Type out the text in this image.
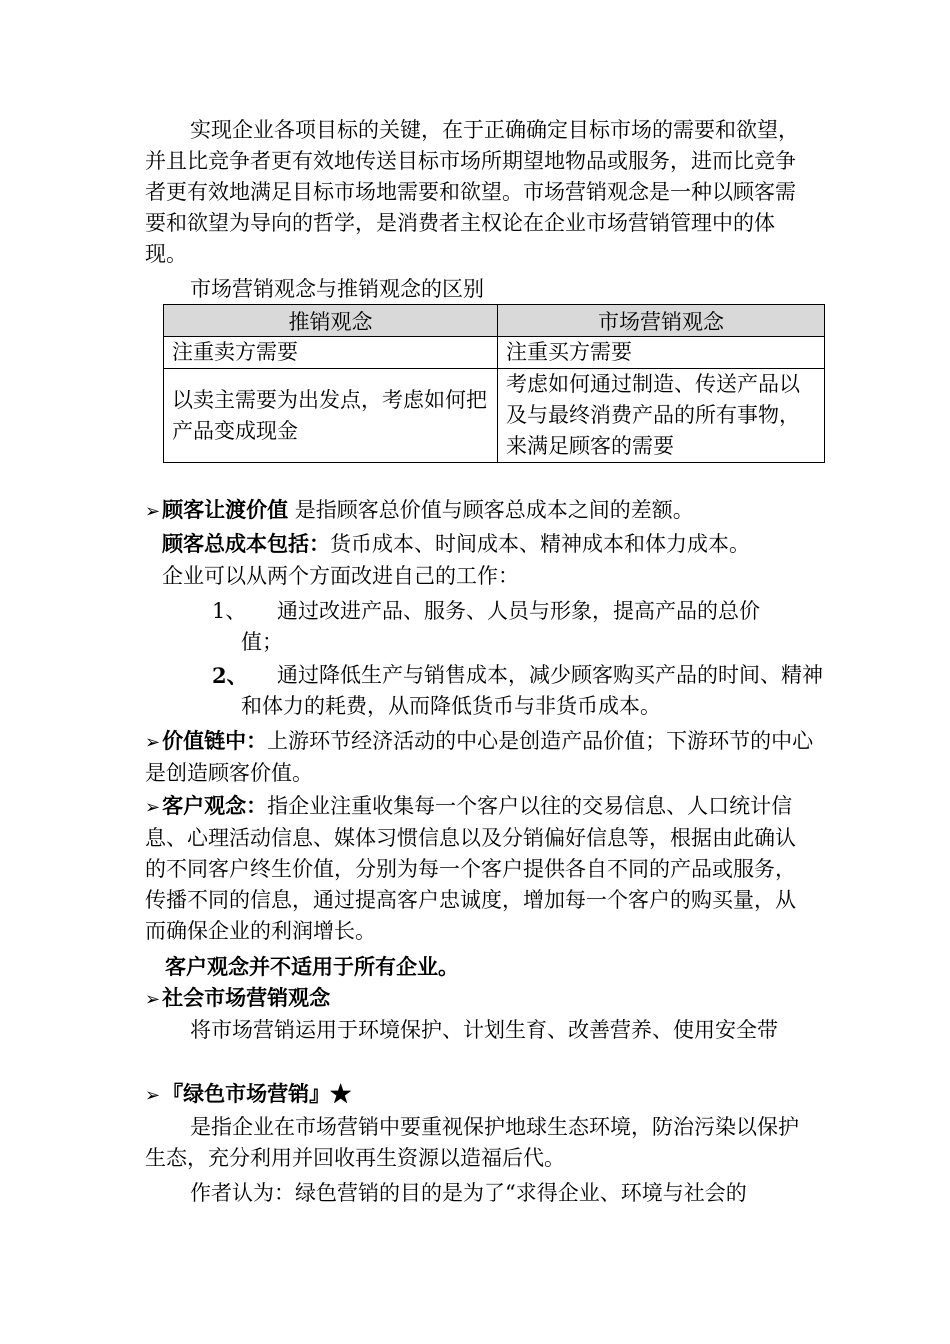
实现企业各项目标的关键，在于正确确定目标市场的需要和欲望，并且比竞争者更有效地传送目标市场所期望地物品或服务，进而比竞争者更有效地满足目标市场地需要和欲望。市场营销观念是一种以顾客需要和欲望为导向的哲学，是消费者主权论在企业市场营销管理中的体现。

市场营销观念与推销观念的区别

推销观念	市场营销观念
注重卖方需要	注重买方需要
以卖主需要为出发点，考虑如何把产品变成现金	考虑如何通过制造、传送产品以及与最终消费产品的所有事物，来满足顾客的需要

➢顾客让渡价值 是指顾客总价值与顾客总成本之间的差额。

顾客总成本包括：货币成本、时间成本、精神成本和体力成本。

企业可以从两个方面改进自己的工作：

1、	通过改进产品、服务、人员与形象，提高产品的总价值；
2、	通过降低生产与销售成本，减少顾客购买产品的时间、精神和体力的耗费，从而降低货币与非货币成本。

➢价值链中：上游环节经济活动的中心是创造产品价值；下游环节的中心是创造顾客价值。

➢客户观念：指企业注重收集每一个客户以往的交易信息、人口统计信息、心理活动信息、媒体习惯信息以及分销偏好信息等，根据由此确认的不同客户终生价值，分别为每一个客户提供各自不同的产品或服务，传播不同的信息，通过提高客户忠诚度，增加每一个客户的购买量，从而确保企业的利润增长。

客户观念并不适用于所有企业。

➢社会市场营销观念

将市场营销运用于环境保护、计划生育、改善营养、使用安全带

➢『绿色市场营销』★

是指企业在市场营销中要重视保护地球生态环境，防治污染以保护生态，充分利用并回收再生资源以造福后代。

作者认为：绿色营销的目的是为了“求得企业、环境与社会的
